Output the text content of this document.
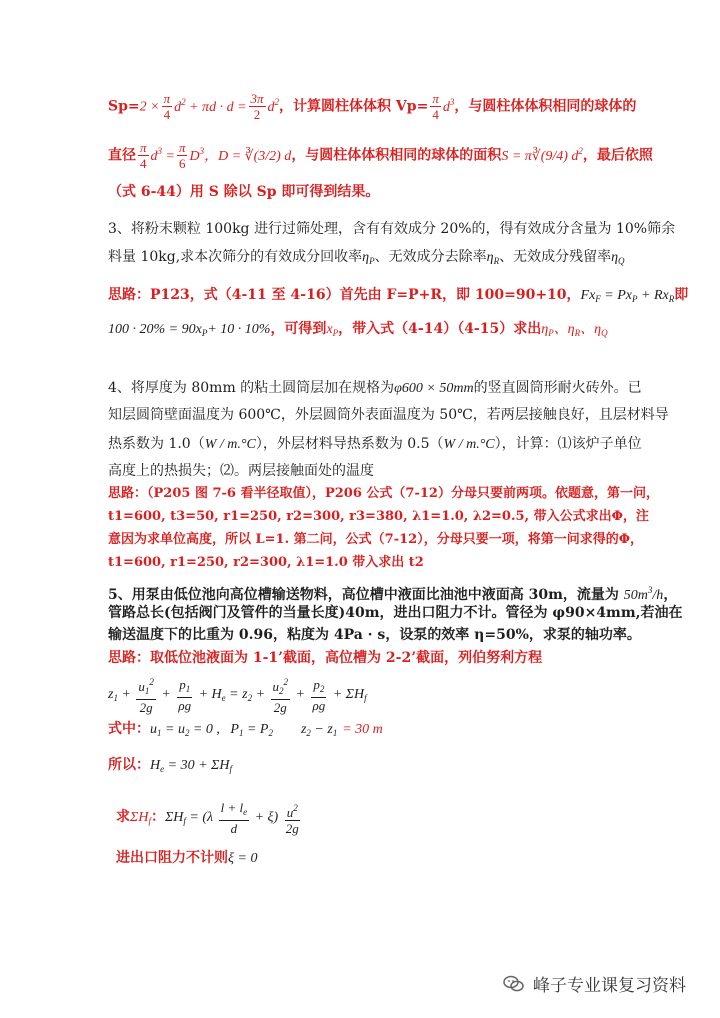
$Sp=2 \times \frac{\pi}{4} d^2 + \pi d \cdot d = \frac{3\pi}{2} d^2$，计算圆柱体体积 $Vp= \frac{\pi}{4} d^3$，与圆柱体体积相同的球体的
直径 $\frac{\pi}{4} d^3 = \frac{\pi}{6} D^3$，D = ∛(3/2) d，与圆柱体体积相同的球体的面积S = π∛(9/4) $d^2$，最后依照
（式 6-44）用 S 除以 Sp 即可得到结果。
3、将粉末颗粒 100kg 进行过筛处理，含有有效成分 20%的，得有效成分含量为 10%筛余
料量 10kg,求本次筛分的有效成分回收率$\eta_P$、无效成分去除率$\eta_R$、无效成分残留率$\eta_Q$
思路：P123，式（4-11 至 4-16）首先由 F=P+R，即 100=90+10，$Fx_F = Px_P + Rx_R$即
$100 \cdot 20\% = 90x_P+ 10 \cdot 10\%$，可得到$x_P$，带入式（4-14）（4-15）求出$\eta_P$、$\eta_R$、$\eta_Q$
4、将厚度为 80mm 的粘土圆筒层加在规格为φ600 × 50mm的竖直圆筒形耐火砖外。已
知层圆筒壁面温度为 600℃，外层圆筒外表面温度为 50℃，若两层接触良好，且层材料导
热系数为 1.0（W / m.°C），外层材料导热系数为 0.5（W / m.°C），计算：⑴该炉子单位
高度上的热损失；⑵。两层接触面处的温度
思路：（P205 图 7-6 看半径取值），P206 公式（7-12）分母只要前两项。依题意，第一问，
t1=600, t3=50, r1=250, r2=300, r3=380, λ1=1.0, λ2=0.5, 带入公式求出Φ，注
意因为求单位高度，所以 L=1. 第二问，公式（7-12），分母只要一项，将第一问求得的Φ，
t1=600, r1=250, r2=300, λ1=1.0 带入求出 t2
5、用泵由低位池向高位槽输送物料，高位槽中液面比油池中液面高 30m，流量为 $50m^3/h$，
管路总长(包括阀门及管件的当量长度)40m，进出口阻力不计。管径为 φ90×4mm,若油在
输送温度下的比重为 0.96，粘度为 4Pa · s，设泵的效率 η=50%，求泵的轴功率。
思路：取低位池液面为 1-1’截面，高位槽为 2-2’截面，列伯努利方程
$z_1 + \frac{u_1^2}{2g} + \frac{p_1}{\rho g} + H_e = z_2 + \frac{u_2^2}{2g} + \frac{p_2}{\rho g} + \Sigma H_f$
式中：$u_1 = u_2 = 0$ ,   $P_1 = P_2$        $z_2 - z_1 = 30$ m
所以：$H_e = 30 + \Sigma H_f$
求$\Sigma H_f$：$\Sigma H_f = (\lambda \frac{l + l_e}{d} + \xi) \frac{u^2}{2g}$
进出口阻力不计则ξ = 0
峰子专业课复习资料
